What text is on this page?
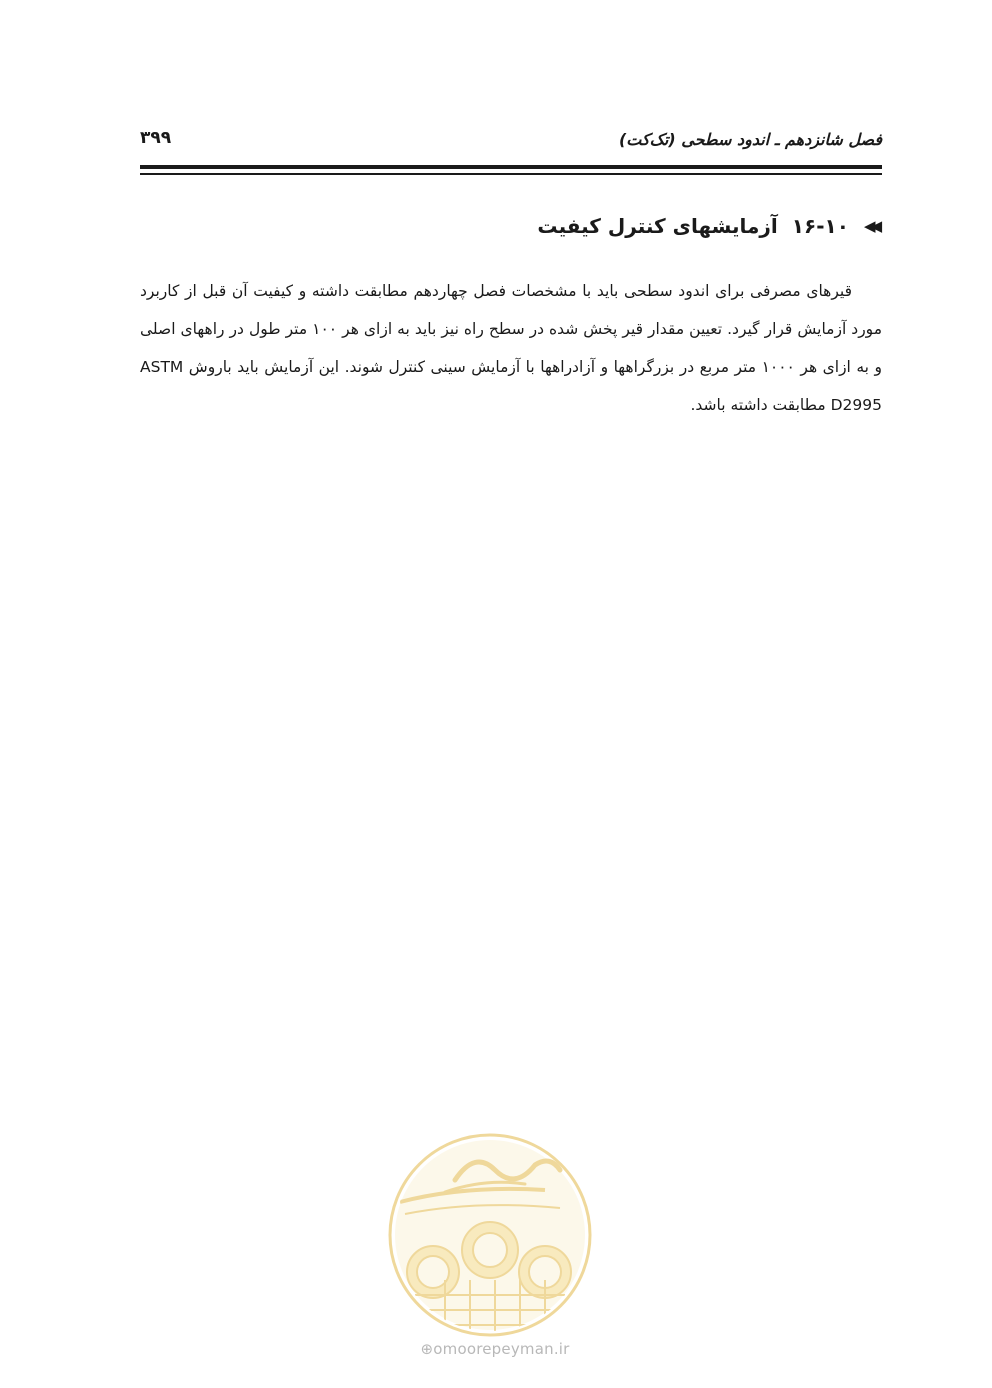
فصل شانزدهم ـ اندود سطحی (تک‌کت)
۳۹۹
▶▶
۱۶-۱۰
آزمایشهای کنترل کیفیت
قیرهای مصرفی برای اندود سطحی باید با مشخصات فصل چهاردهم مطابقت داشته و کیفیت آن قبل از کاربرد مورد آزمایش قرار گیرد. تعیین مقدار قیر پخش شده در سطح راه نیز باید به ازای هر ۱۰۰ متر طول در راههای اصلی و به ازای هر ۱۰۰۰ متر مربع در بزرگراهها و آزادراهها با آزمایش سینی کنترل شوند. این آزمایش باید باروش ASTM D2995 مطابقت داشته باشد.
⊕omoorepeyman.ir
